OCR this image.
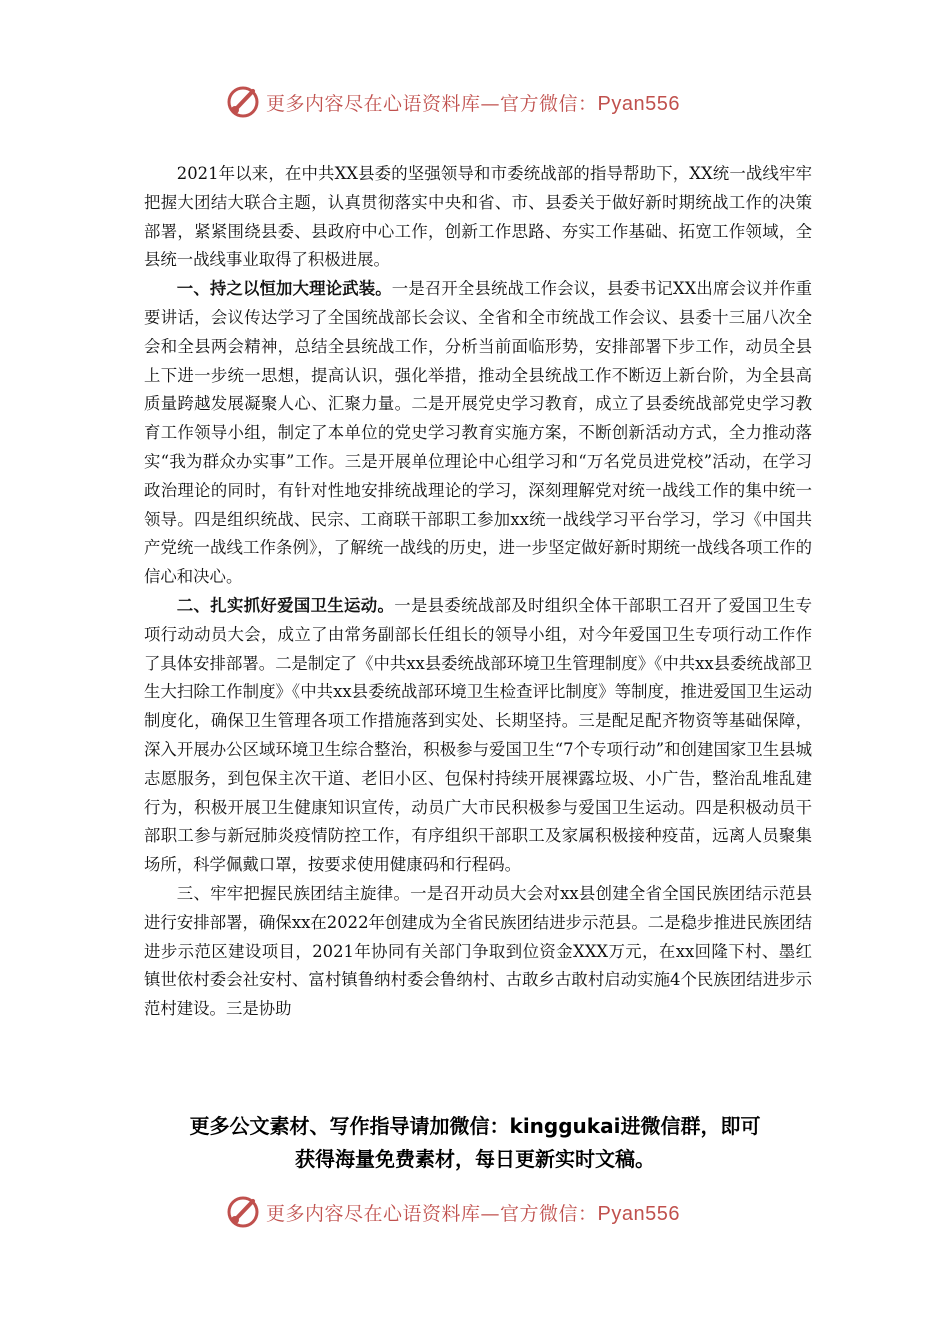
更多内容尽在心语资料库—官方微信：Pyan556

2021年以来，在中共XX县委的坚强领导和市委统战部的指导帮助下，XX统一战线牢牢把握大团结大联合主题，认真贯彻落实中央和省、市、县委关于做好新时期统战工作的决策部署，紧紧围绕县委、县政府中心工作，创新工作思路、夯实工作基础、拓宽工作领域，全县统一战线事业取得了积极进展。

一、持之以恒加大理论武装。一是召开全县统战工作会议，县委书记XX出席会议并作重要讲话，会议传达学习了全国统战部长会议、全省和全市统战工作会议、县委十三届八次全会和全县两会精神，总结全县统战工作，分析当前面临形势，安排部署下步工作，动员全县上下进一步统一思想，提高认识，强化举措，推动全县统战工作不断迈上新台阶，为全县高质量跨越发展凝聚人心、汇聚力量。二是开展党史学习教育，成立了县委统战部党史学习教育工作领导小组，制定了本单位的党史学习教育实施方案，不断创新活动方式，全力推动落实“我为群众办实事”工作。三是开展单位理论中心组学习和“万名党员进党校”活动，在学习政治理论的同时，有针对性地安排统战理论的学习，深刻理解党对统一战线工作的集中统一领导。四是组织统战、民宗、工商联干部职工参加xx统一战线学习平台学习，学习《中国共产党统一战线工作条例》，了解统一战线的历史，进一步坚定做好新时期统一战线各项工作的信心和决心。

二、扎实抓好爱国卫生运动。一是县委统战部及时组织全体干部职工召开了爱国卫生专项行动动员大会，成立了由常务副部长任组长的领导小组，对今年爱国卫生专项行动工作作了具体安排部署。二是制定了《中共xx县委统战部环境卫生管理制度》《中共xx县委统战部卫生大扫除工作制度》《中共xx县委统战部环境卫生检查评比制度》等制度，推进爱国卫生运动制度化，确保卫生管理各项工作措施落到实处、长期坚持。三是配足配齐物资等基础保障，深入开展办公区域环境卫生综合整治，积极参与爱国卫生“7个专项行动”和创建国家卫生县城志愿服务，到包保主次干道、老旧小区、包保村持续开展裸露垃圾、小广告，整治乱堆乱建行为，积极开展卫生健康知识宣传，动员广大市民积极参与爱国卫生运动。四是积极动员干部职工参与新冠肺炎疫情防控工作，有序组织干部职工及家属积极接种疫苗，远离人员聚集场所，科学佩戴口罩，按要求使用健康码和行程码。

三、牢牢把握民族团结主旋律。一是召开动员大会对xx县创建全省全国民族团结示范县进行安排部署，确保xx在2022年创建成为全省民族团结进步示范县。二是稳步推进民族团结进步示范区建设项目，2021年协同有关部门争取到位资金XXX万元，在xx回隆下村、墨红镇世依村委会社安村、富村镇鲁纳村委会鲁纳村、古敢乡古敢村启动实施4个民族团结进步示范村建设。三是协助

更多公文素材、写作指导请加微信：kinggukai进微信群，即可
获得海量免费素材，每日更新实时文稿。
更多内容尽在心语资料库—官方微信：Pyan556
